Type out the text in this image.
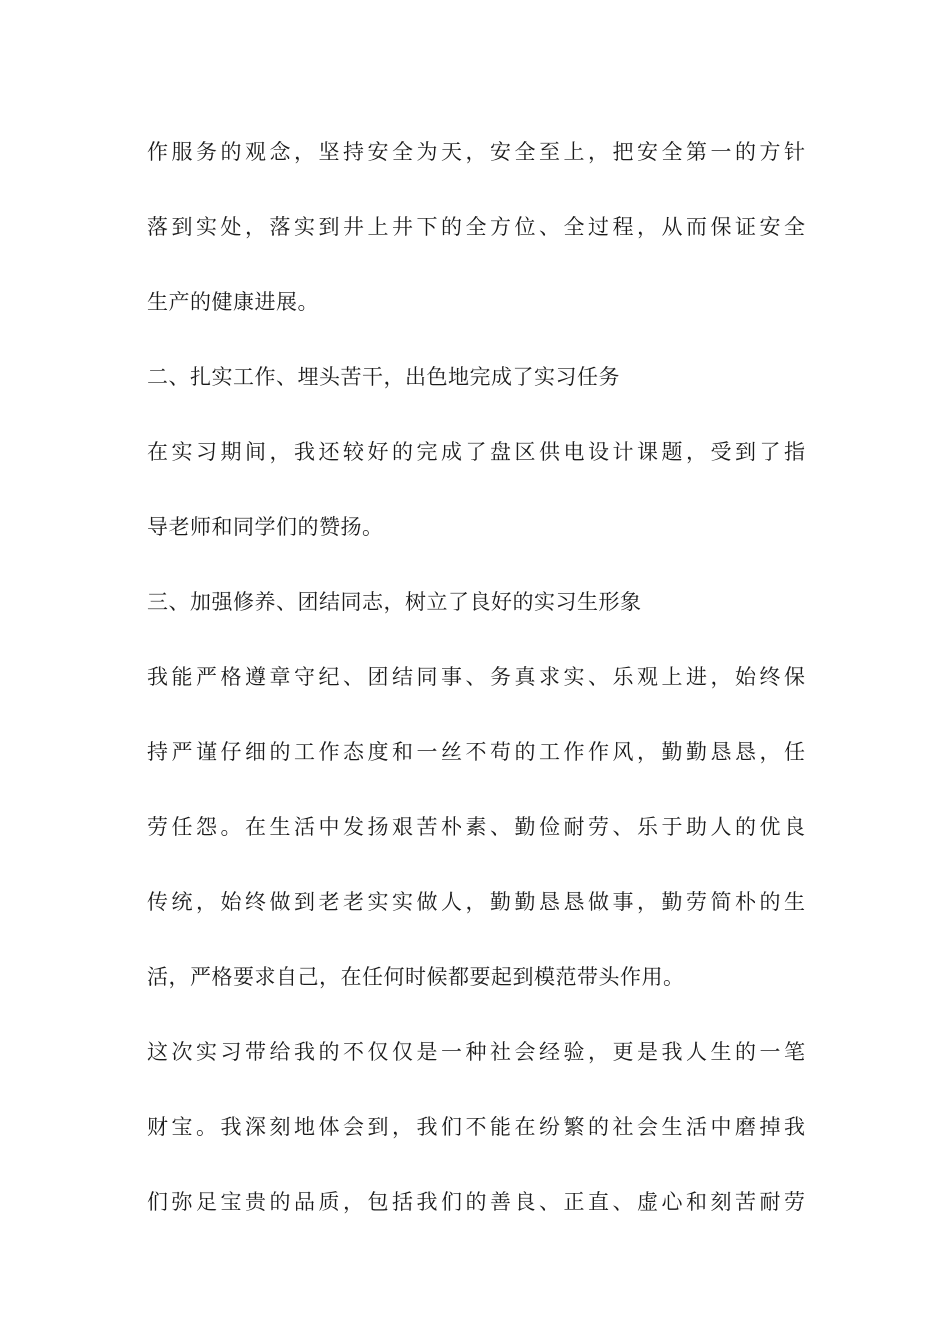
作 服 务 的 观 念 ， 坚 持 安 全 为 天 ， 安 全 至 上 ， 把 安 全 第 一 的 方 针
落 到 实 处 ， 落 实 到 井 上 井 下 的 全 方 位 、 全 过 程 ， 从 而 保 证 安 全
生产的健康进展。
二、扎实工作、埋头苦干，出色地完成了实习任务
在 实 习 期 间 ， 我 还 较 好 的 完 成 了 盘 区 供 电 设 计 课 题 ， 受 到 了 指
导老师和同学们的赞扬。
三、加强修养、团结同志，树立了良好的实习生形象
我 能 严 格 遵 章 守 纪 、 团 结 同 事 、 务 真 求 实 、 乐 观 上 进 ， 始 终 保
持 严 谨 仔 细 的 工 作 态 度 和 一 丝 不 苟 的 工 作 作 风 ， 勤 勤 恳 恳 ， 任
劳 任 怨 。 在 生 活 中 发 扬 艰 苦 朴 素 、 勤 俭 耐 劳 、 乐 于 助 人 的 优 良
传 统 ， 始 终 做 到 老 老 实 实 做 人 ， 勤 勤 恳 恳 做 事 ， 勤 劳 简 朴 的 生
活，严格要求自己，在任何时候都要起到模范带头作用。
这 次 实 习 带 给 我 的 不 仅 仅 是 一 种 社 会 经 验 ， 更 是 我 人 生 的 一 笔
财 宝 。 我 深 刻 地 体 会 到 ， 我 们 不 能 在 纷 繁 的 社 会 生 活 中 磨 掉 我
们 弥 足 宝 贵 的 品 质 ， 包 括 我 们 的 善 良 、 正 直 、 虚 心 和 刻 苦 耐 劳
